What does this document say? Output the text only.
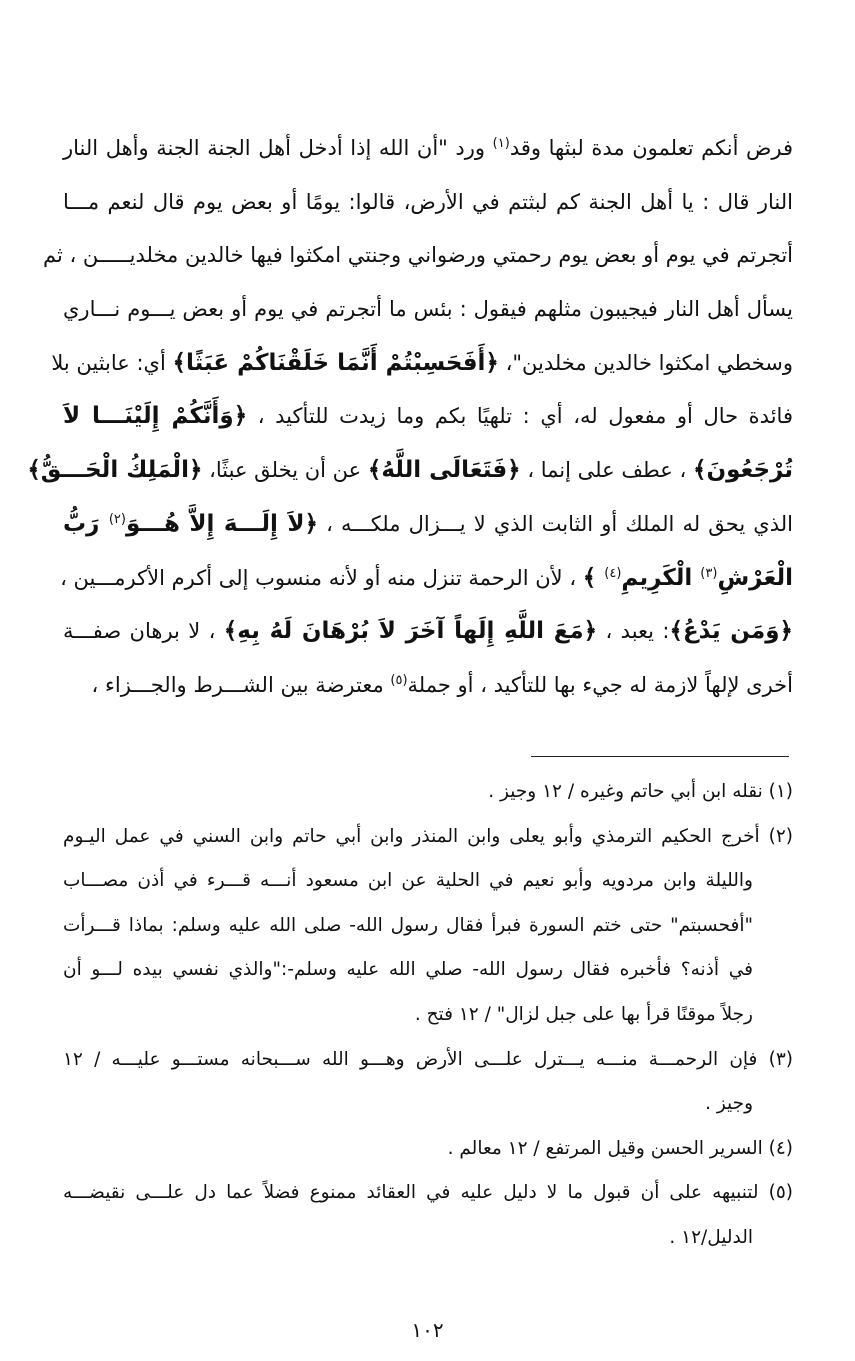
فرض أنكم تعلمون مدة لبثها وقد$^{(١)}$ ورد "أن الله إذا أدخل أهل الجنة الجنة وأهل النار
النار قال : يا أهل الجنة كم لبثتم في الأرض، قالوا: يومًا أو بعض يوم قال لنعم مـــا
أتجرتم في يوم أو بعض يوم رحمتي ورضواني وجنتي امكثوا فيها خالدين مخلديـــــن ، ثم
يسأل أهل النار فيجيبون مثلهم فيقول : بئس ما أتجرتم في يوم أو بعض يـــوم نـــاري
وسخطي امكثوا خالدين مخلدين"، ﴿أَفَحَسِبْتُمْ أَنَّمَا خَلَقْنَاكُمْ عَبَثًا﴾ أي: عابثين بلا
فائدة حال أو مفعول له، أي : تلهيًا بكم وما زيدت للتأكيد ، ﴿وَأَنَّكُمْ إِلَيْنَـــا لاَ
تُرْجَعُونَ﴾ ، عطف على إنما ، ﴿فَتَعَالَى اللَّهُ﴾ عن أن يخلق عبثًا، ﴿الْمَلِكُ الْحَـــقُّ﴾
الذي يحق له الملك أو الثابت الذي لا يـــزال ملكـــه ، ﴿لاَ إِلَـــهَ إِلاَّ هُـــوَ$^{(٢)}$ رَبُّ
الْعَرْشِ$^{(٣)}$ الْكَرِيمِ$^{(٤)}$ ﴾ ، لأن الرحمة تنزل منه أو لأنه منسوب إلى أكرم الأكرمـــين ،
﴿وَمَن يَدْعُ﴾: يعبد ، ﴿مَعَ اللَّهِ إِلَهاً آخَرَ لاَ بُرْهَانَ لَهُ بِهِ﴾ ، لا برهان صفـــة
أخرى لإلهاً لازمة له جيء بها للتأكيد ، أو جملة$^{(٥)}$ معترضة بين الشـــرط والجـــزاء ،
(١) نقله ابن أبي حاتم وغيره / ١٢ وجيز .
(٢) أخرج الحكيم الترمذي وأبو يعلى وابن المنذر وابن أبي حاتم وابن السني في عمل اليـوم
والليلة وابن مردويه وأبو نعيم في الحلية عن ابن مسعود أنـــه قـــرء في أذن مصـــاب
"أفحسبتم" حتى ختم السورة فبرأ فقال رسول الله- صلى الله عليه وسلم: بماذا قـــرأت
في أذنه؟ فأخبره فقال رسول الله- صلي الله عليه وسلم-:"والذي نفسي بيده لـــو أن
رجلاً موقنًا قرأ بها على جبل لزال" / ١٢ فتح .
(٣) فإن الرحمـــة منـــه يـــترل علـــى الأرض وهـــو الله ســـبحانه مستـــو عليـــه / ١٢
وجيز .
(٤) السرير الحسن وقيل المرتفع / ١٢ معالم .
(٥) لتنبيهه على أن قبول ما لا دليل عليه في العقائد ممنوع فضلاً عما دل علـــى نقيضـــه
الدليل/١٢ .
١٠٢
